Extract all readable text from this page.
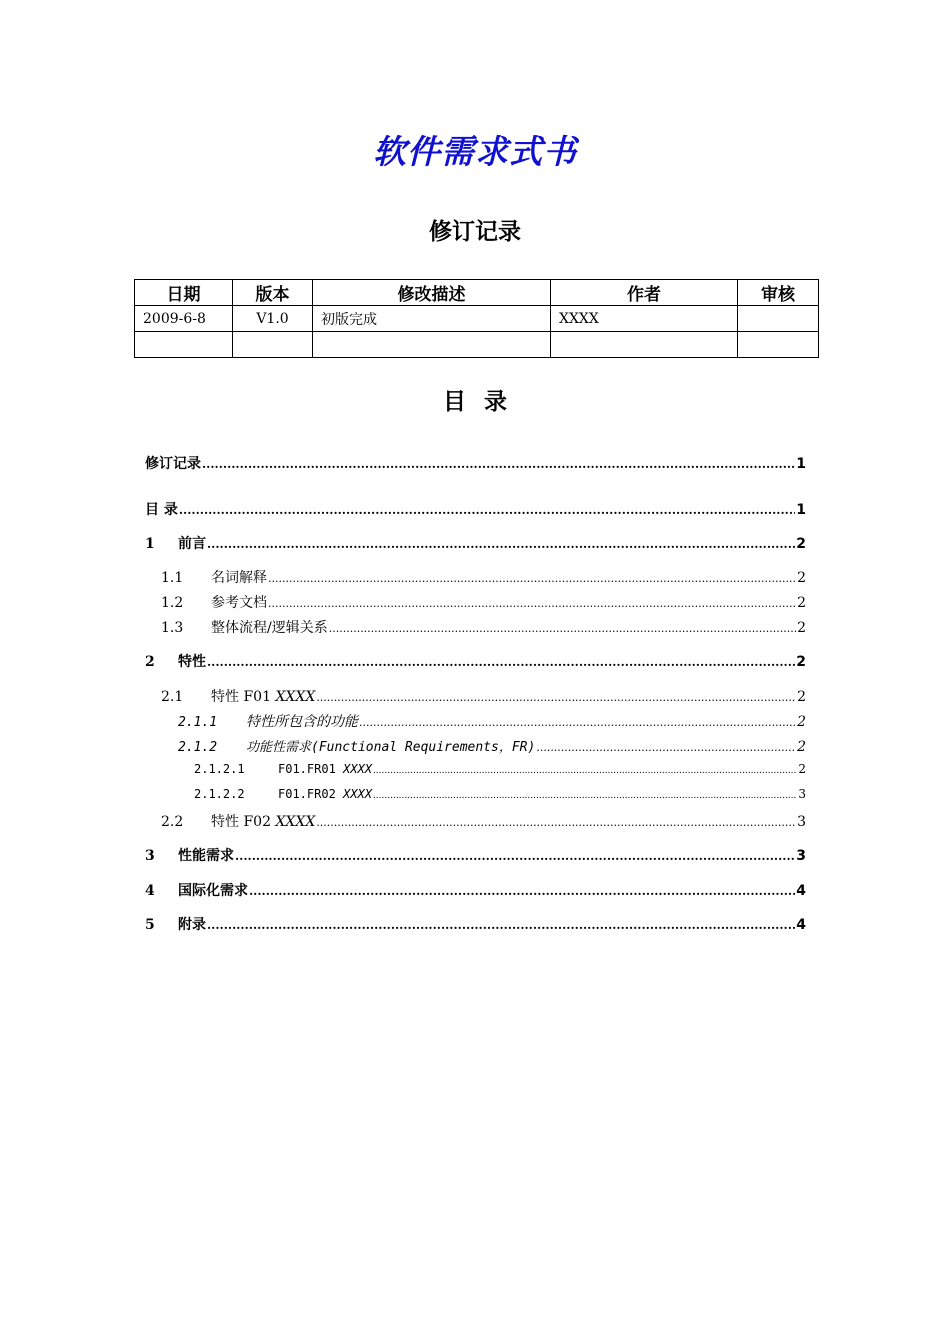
软件需求式书
修订记录
日期	版本	修改描述	作者	审核
2009-6-8	V1.0	初版完成	XXXX	

目录
修订记录 .....	1
目 录 .....	1
1	前言 .....	2
1.1	名词解释 .....	2
1.2	参考文档 .....	2
1.3	整体流程/逻辑关系 .....	2
2	特性 .....	2
2.1	特性 F01 XXXX .....	2
2.1.1	特性所包含的功能 .....	2
2.1.2	功能性需求(Functional Requirements，FR) .....	2
2.1.2.1	F01.FR01 XXXX .....	2
2.1.2.2	F01.FR02 XXXX .....	3
2.2	特性 F02 XXXX .....	3
3	性能需求 .....	3
4	国际化需求 .....	4
5	附录 .....	4
